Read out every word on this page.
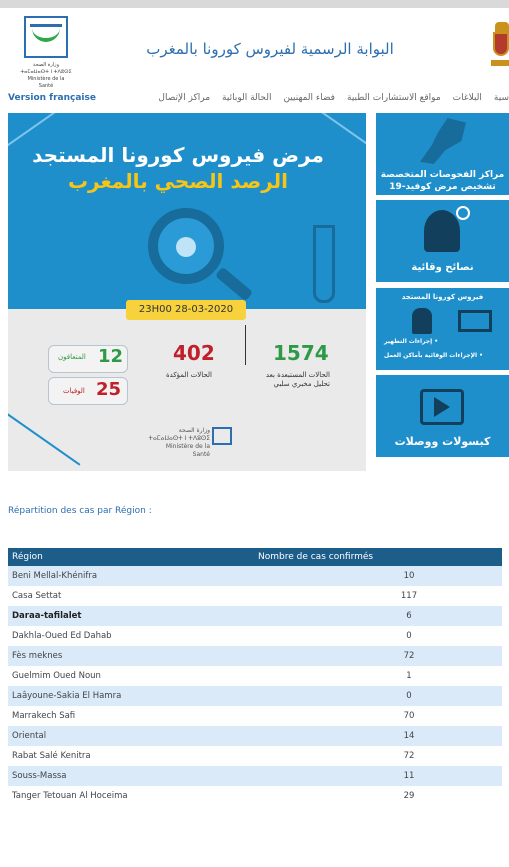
وزارة الصحة
ⵜⴰⵎⴰⵡⴰⵙⵜ ⵏ ⵜⴷⵓⵙⵉ
Ministère de la Santé
البوابة الرسمية لفيروس كورونا بالمغرب
Version française	سية
البلاغات
مواقع الاستشارات الطبية
فضاء المهنيين
الحالة الوبائية
مراكز الإتصال
مرض فيروس كورونا المستجد
الرصد الصحي بالمغرب
23H00 28-03-2020
المتعافون 12
الوفيات 25
402
الحالات المؤكدة
1574
الحالات المستبعدة بعد تحليل مخبري سلبي
وزارة الصحة ⵜⴰⵎⴰⵡⴰⵙⵜ ⵏ ⵜⴷⵓⵙⵉ Ministère de la Santé
مراكز الفحوصات المتخصصة تشخيص مرض كوفيد-19
نصائح وقائية
فيروس كورونا المستجد
• إجراءات التطهير
• الإجراءات الوقائية بأماكن العمل
كبسولات ووصلات
Répartition des cas par Région :
Région	Nombre de cas confirmés
Beni Mellal-Khénifra	10
Casa Settat	117
Daraa-tafilalet	6
Dakhla-Oued Ed Dahab	0
Fès meknes	72
Guelmim Oued Noun	1
Laâyoune-Sakia El Hamra	0
Marrakech Safi	70
Oriental	14
Rabat Salé Kenitra	72
Souss-Massa	11
Tanger Tetouan Al Hoceima	29
